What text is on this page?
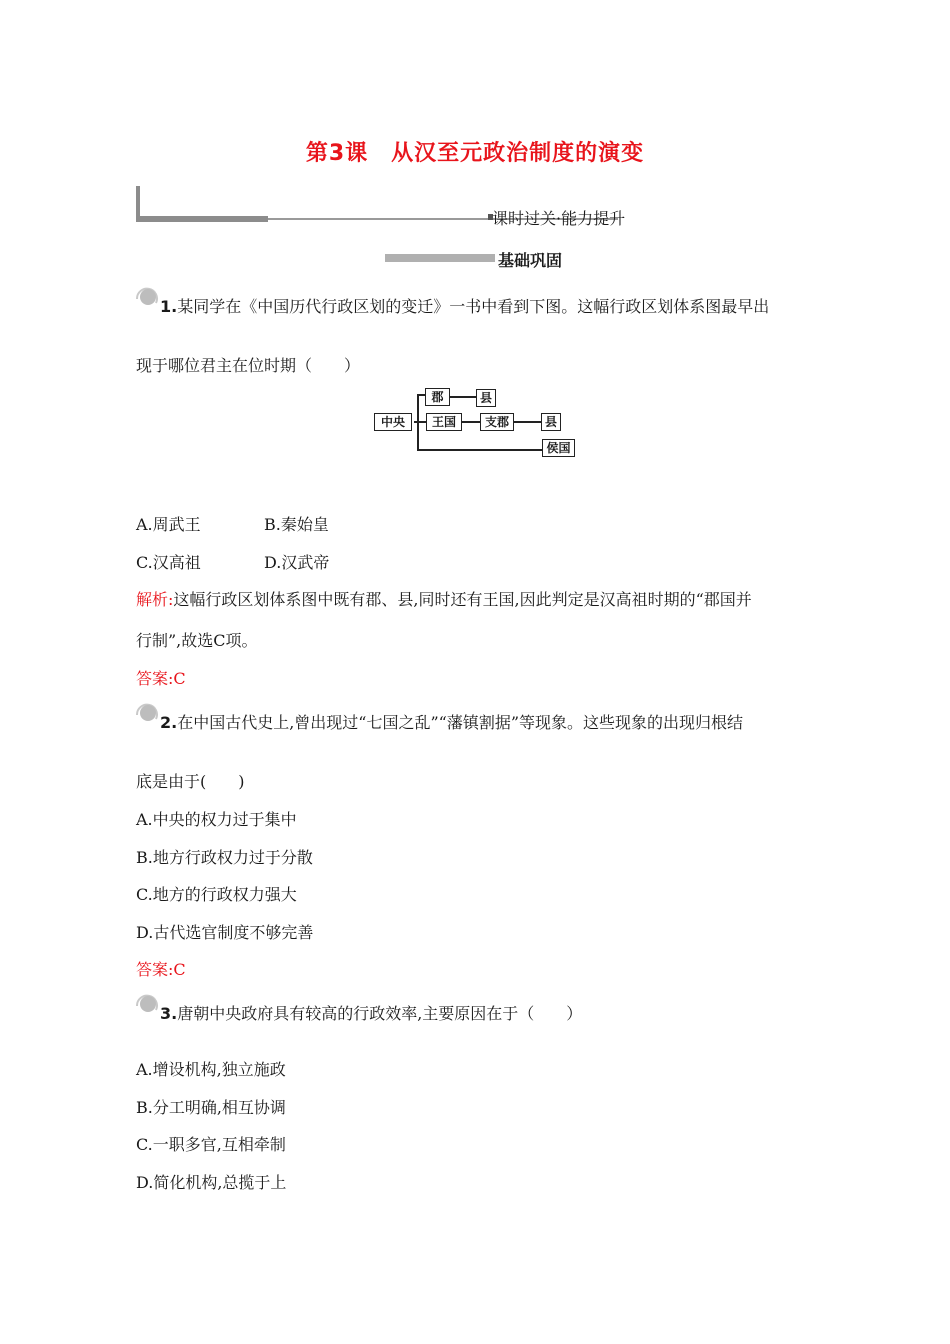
第3课　从汉至元政治制度的演变
课时过关·能力提升
基础巩固
1.某同学在《中国历代行政区划的变迁》一书中看到下图。这幅行政区划体系图最早出
现于哪位君主在位时期（　　）
中央
郡	县
王国	支郡	县
侯国
A.周武王	B.秦始皇
C.汉高祖	D.汉武帝
解析:这幅行政区划体系图中既有郡、县,同时还有王国,因此判定是汉高祖时期的“郡国并
行制”,故选C项。
答案:C
2.在中国古代史上,曾出现过“七国之乱”“藩镇割据”等现象。这些现象的出现归根结
底是由于(　　)
A.中央的权力过于集中
B.地方行政权力过于分散
C.地方的行政权力强大
D.古代选官制度不够完善
答案:C
3.唐朝中央政府具有较高的行政效率,主要原因在于（　　）
A.增设机构,独立施政
B.分工明确,相互协调
C.一职多官,互相牵制
D.简化机构,总揽于上
